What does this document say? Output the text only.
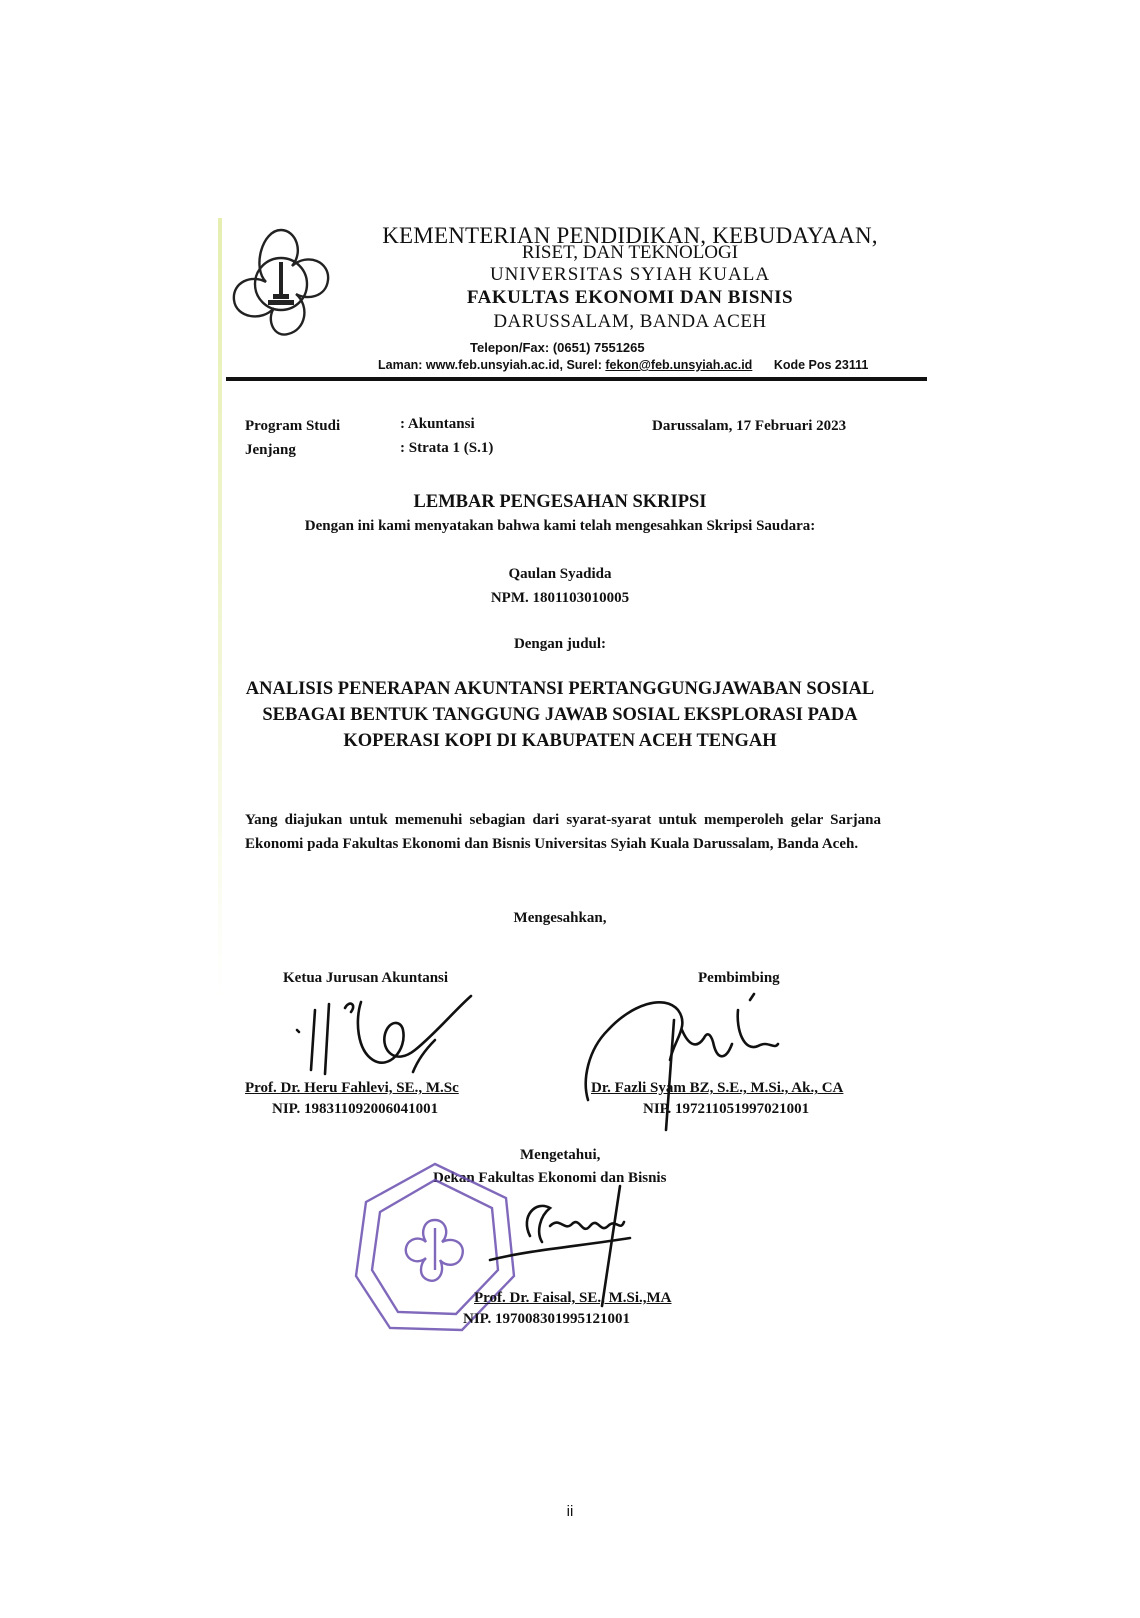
KEMENTERIAN PENDIDIKAN, KEBUDAYAAN,
RISET, DAN TEKNOLOGI
UNIVERSITAS SYIAH KUALA
FAKULTAS EKONOMI DAN BISNIS
DARUSSALAM, BANDA ACEH
Telepon/Fax: (0651) 7551265
Laman: www.feb.unsyiah.ac.id, Surel: fekon@feb.unsyiah.ac.id Kode Pos 23111
Program Studi	: Akuntansi
Jenjang	: Strata 1 (S.1)
Darussalam, 17 Februari 2023
LEMBAR PENGESAHAN SKRIPSI
Dengan ini kami menyatakan bahwa kami telah mengesahkan Skripsi Saudara:
Qaulan Syadida
NPM. 1801103010005
Dengan judul:
ANALISIS PENERAPAN AKUNTANSI PERTANGGUNGJAWABAN SOSIAL SEBAGAI BENTUK TANGGUNG JAWAB SOSIAL EKSPLORASI PADA KOPERASI KOPI DI KABUPATEN ACEH TENGAH
Yang diajukan untuk memenuhi sebagian dari syarat-syarat untuk memperoleh gelar Sarjana Ekonomi pada Fakultas Ekonomi dan Bisnis Universitas Syiah Kuala Darussalam, Banda Aceh.
Mengesahkan,
Ketua Jurusan Akuntansi
Prof. Dr. Heru Fahlevi, SE., M.Sc
NIP. 198311092006041001
Pembimbing
Dr. Fazli Syam BZ, S.E., M.Si., Ak., CA
NIP. 197211051997021001
Mengetahui,
Dekan Fakultas Ekonomi dan Bisnis
Prof. Dr. Faisal, SE., M.Si.,MA
NIP. 197008301995121001
ii
